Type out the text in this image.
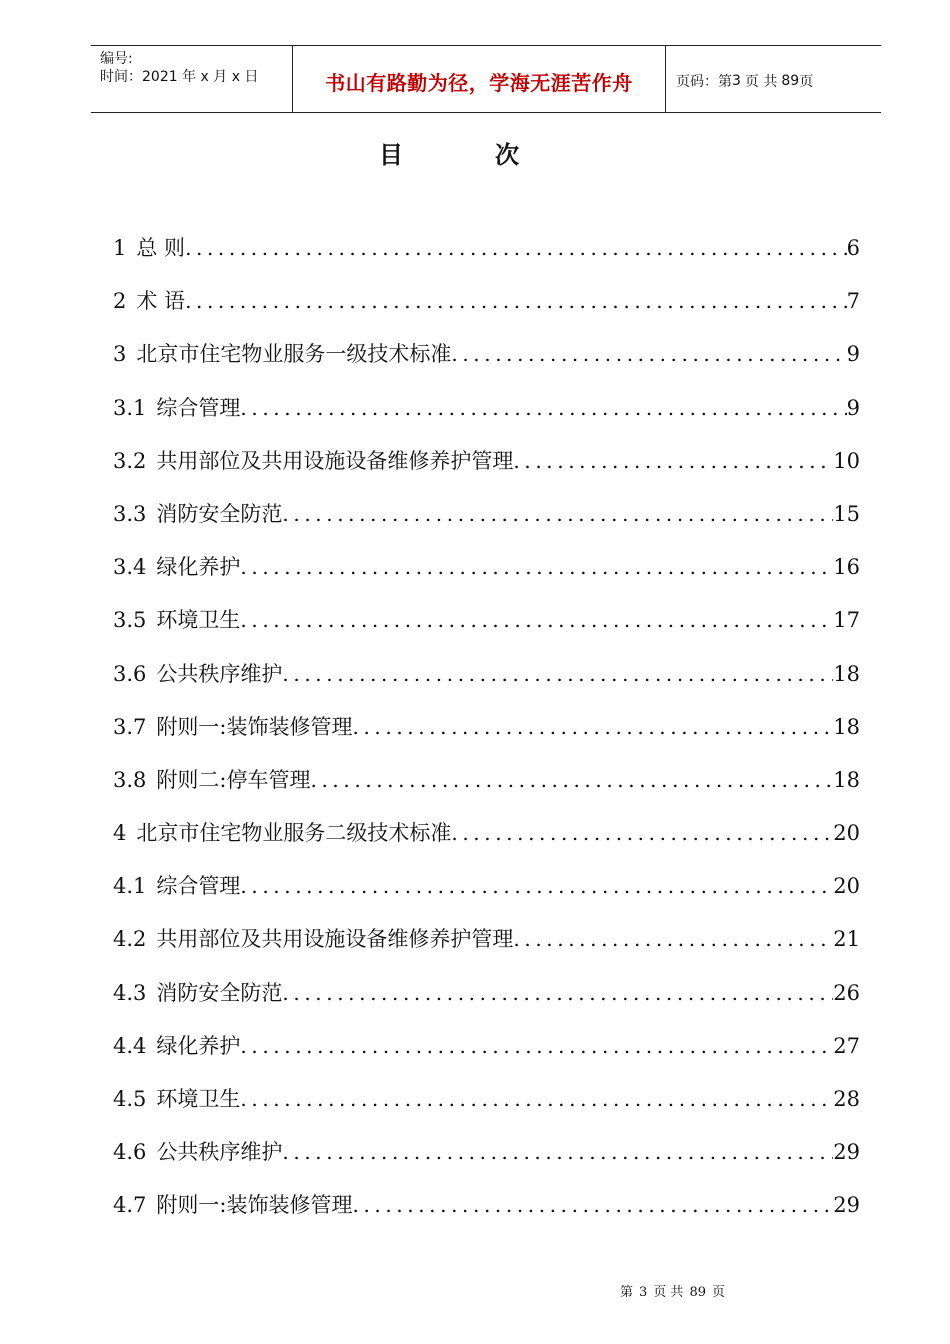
编号:
时间：2021 年 x 月 x 日	书山有路勤为径，学海无涯苦作舟	页码：第 3 页 共 89 页
目次
1 总 则 .....	6
2 术 语 .....	7
3 北京市住宅物业服务一级技术标准 .....	9
3.1 综合管理 .....	9
3.2 共用部位及共用设施设备维修养护管理 .....	10
3.3 消防安全防范 .....	15
3.4 绿化养护 .....	16
3.5 环境卫生 .....	17
3.6 公共秩序维护 .....	18
3.7 附则一:装饰装修管理 .....	18
3.8 附则二:停车管理 .....	18
4 北京市住宅物业服务二级技术标准 .....	20
4.1 综合管理 .....	20
4.2 共用部位及共用设施设备维修养护管理 .....	21
4.3 消防安全防范 .....	26
4.4 绿化养护 .....	27
4.5 环境卫生 .....	28
4.6 公共秩序维护 .....	29
4.7 附则一:装饰装修管理 .....	29
第 3 页 共 89 页
